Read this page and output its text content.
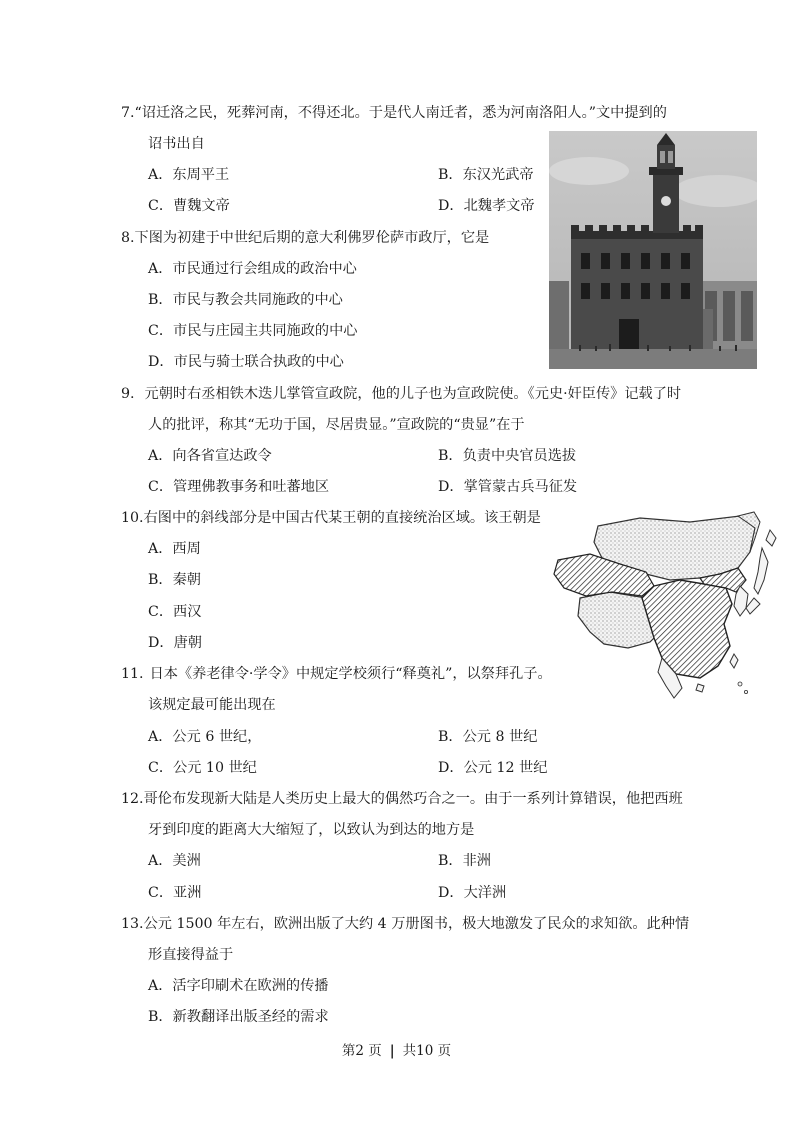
7.“诏迁洛之民，死葬河南，不得还北。于是代人南迁者，悉为河南洛阳人。”文中提到的
诏书出自
A．东周平王	B．东汉光武帝
C．曹魏文帝	D．北魏孝文帝
8.下图为初建于中世纪后期的意大利佛罗伦萨市政厅，它是
A．市民通过行会组成的政治中心
B．市民与教会共同施政的中心
C．市民与庄园主共同施政的中心
D．市民与骑士联合执政的中心
9. 元朝时右丞相铁木迭儿掌管宣政院，他的儿子也为宣政院使。《元史·奸臣传》记载了时
人的批评，称其“无功于国，尽居贵显。”宣政院的“贵显”在于
A．向各省宣达政令	B．负责中央官员选拔
C．管理佛教事务和吐蕃地区	D．掌管蒙古兵马征发
10.右图中的斜线部分是中国古代某王朝的直接统治区域。该王朝是
A．西周
B．秦朝
C．西汉
D．唐朝
11. 日本《养老律令·学令》中规定学校须行“释奠礼”，以祭拜孔子。
该规定最可能出现在
A．公元 6 世纪，	B．公元 8 世纪
C．公元 10 世纪	D．公元 12 世纪
12.哥伦布发现新大陆是人类历史上最大的偶然巧合之一。由于一系列计算错误，他把西班
牙到印度的距离大大缩短了，以致认为到达的地方是
A．美洲	B．非洲
C．亚洲	D．大洋洲
13.公元 1500 年左右，欧洲出版了大约 4 万册图书，极大地激发了民众的求知欲。此种情
形直接得益于
A．活字印刷术在欧洲的传播
B．新教翻译出版圣经的需求
第2 页 | 共10 页
